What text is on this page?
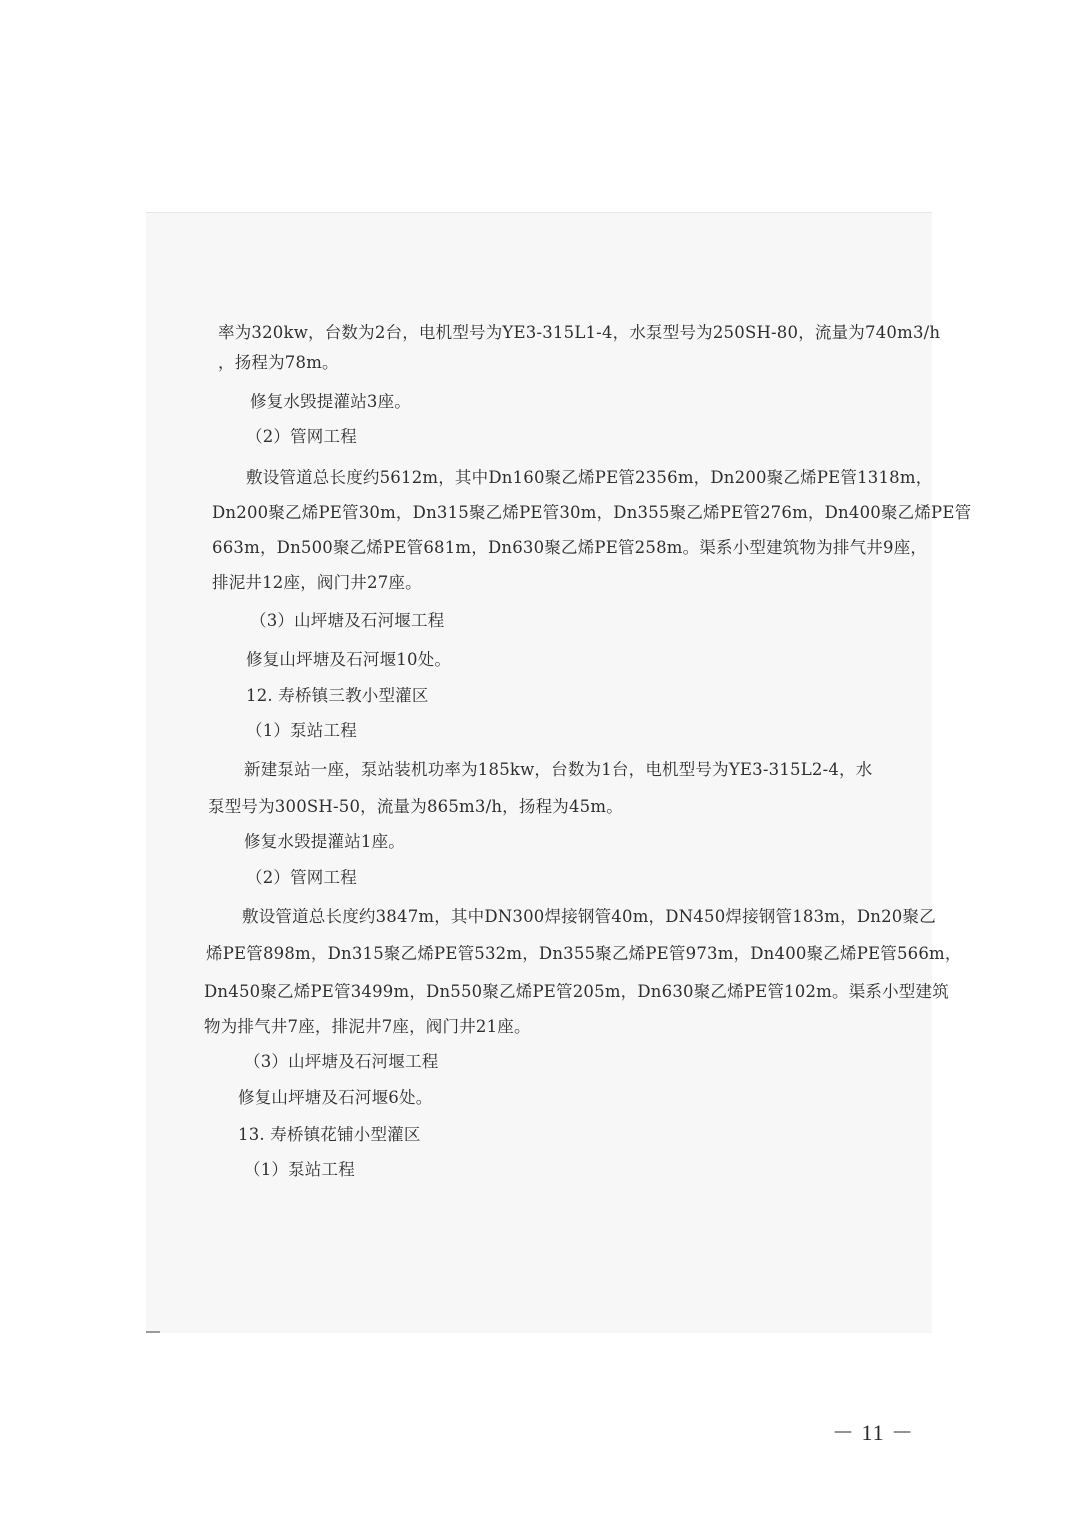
率为320kw，台数为2台，电机型号为YE3-315L1-4，水泵型号为250SH-80，流量为740m3/h
，扬程为78m。
修复水毁提灌站3座。
（2）管网工程
敷设管道总长度约5612m，其中Dn160聚乙烯PE管2356m，Dn200聚乙烯PE管1318m，
Dn200聚乙烯PE管30m，Dn315聚乙烯PE管30m，Dn355聚乙烯PE管276m，Dn400聚乙烯PE管
663m，Dn500聚乙烯PE管681m，Dn630聚乙烯PE管258m。渠系小型建筑物为排气井9座，
排泥井12座，阀门井27座。
（3）山坪塘及石河堰工程
修复山坪塘及石河堰10处。
12. 寿桥镇三教小型灌区
（1）泵站工程
新建泵站一座，泵站装机功率为185kw，台数为1台，电机型号为YE3-315L2-4，水
泵型号为300SH-50，流量为865m3/h，扬程为45m。
修复水毁提灌站1座。
（2）管网工程
敷设管道总长度约3847m，其中DN300焊接钢管40m，DN450焊接钢管183m，Dn20聚乙
烯PE管898m，Dn315聚乙烯PE管532m，Dn355聚乙烯PE管973m，Dn400聚乙烯PE管566m，
Dn450聚乙烯PE管3499m，Dn550聚乙烯PE管205m，Dn630聚乙烯PE管102m。渠系小型建筑
物为排气井7座，排泥井7座，阀门井21座。
（3）山坪塘及石河堰工程
修复山坪塘及石河堰6处。
13. 寿桥镇花铺小型灌区
（1）泵站工程
－ 11 －
